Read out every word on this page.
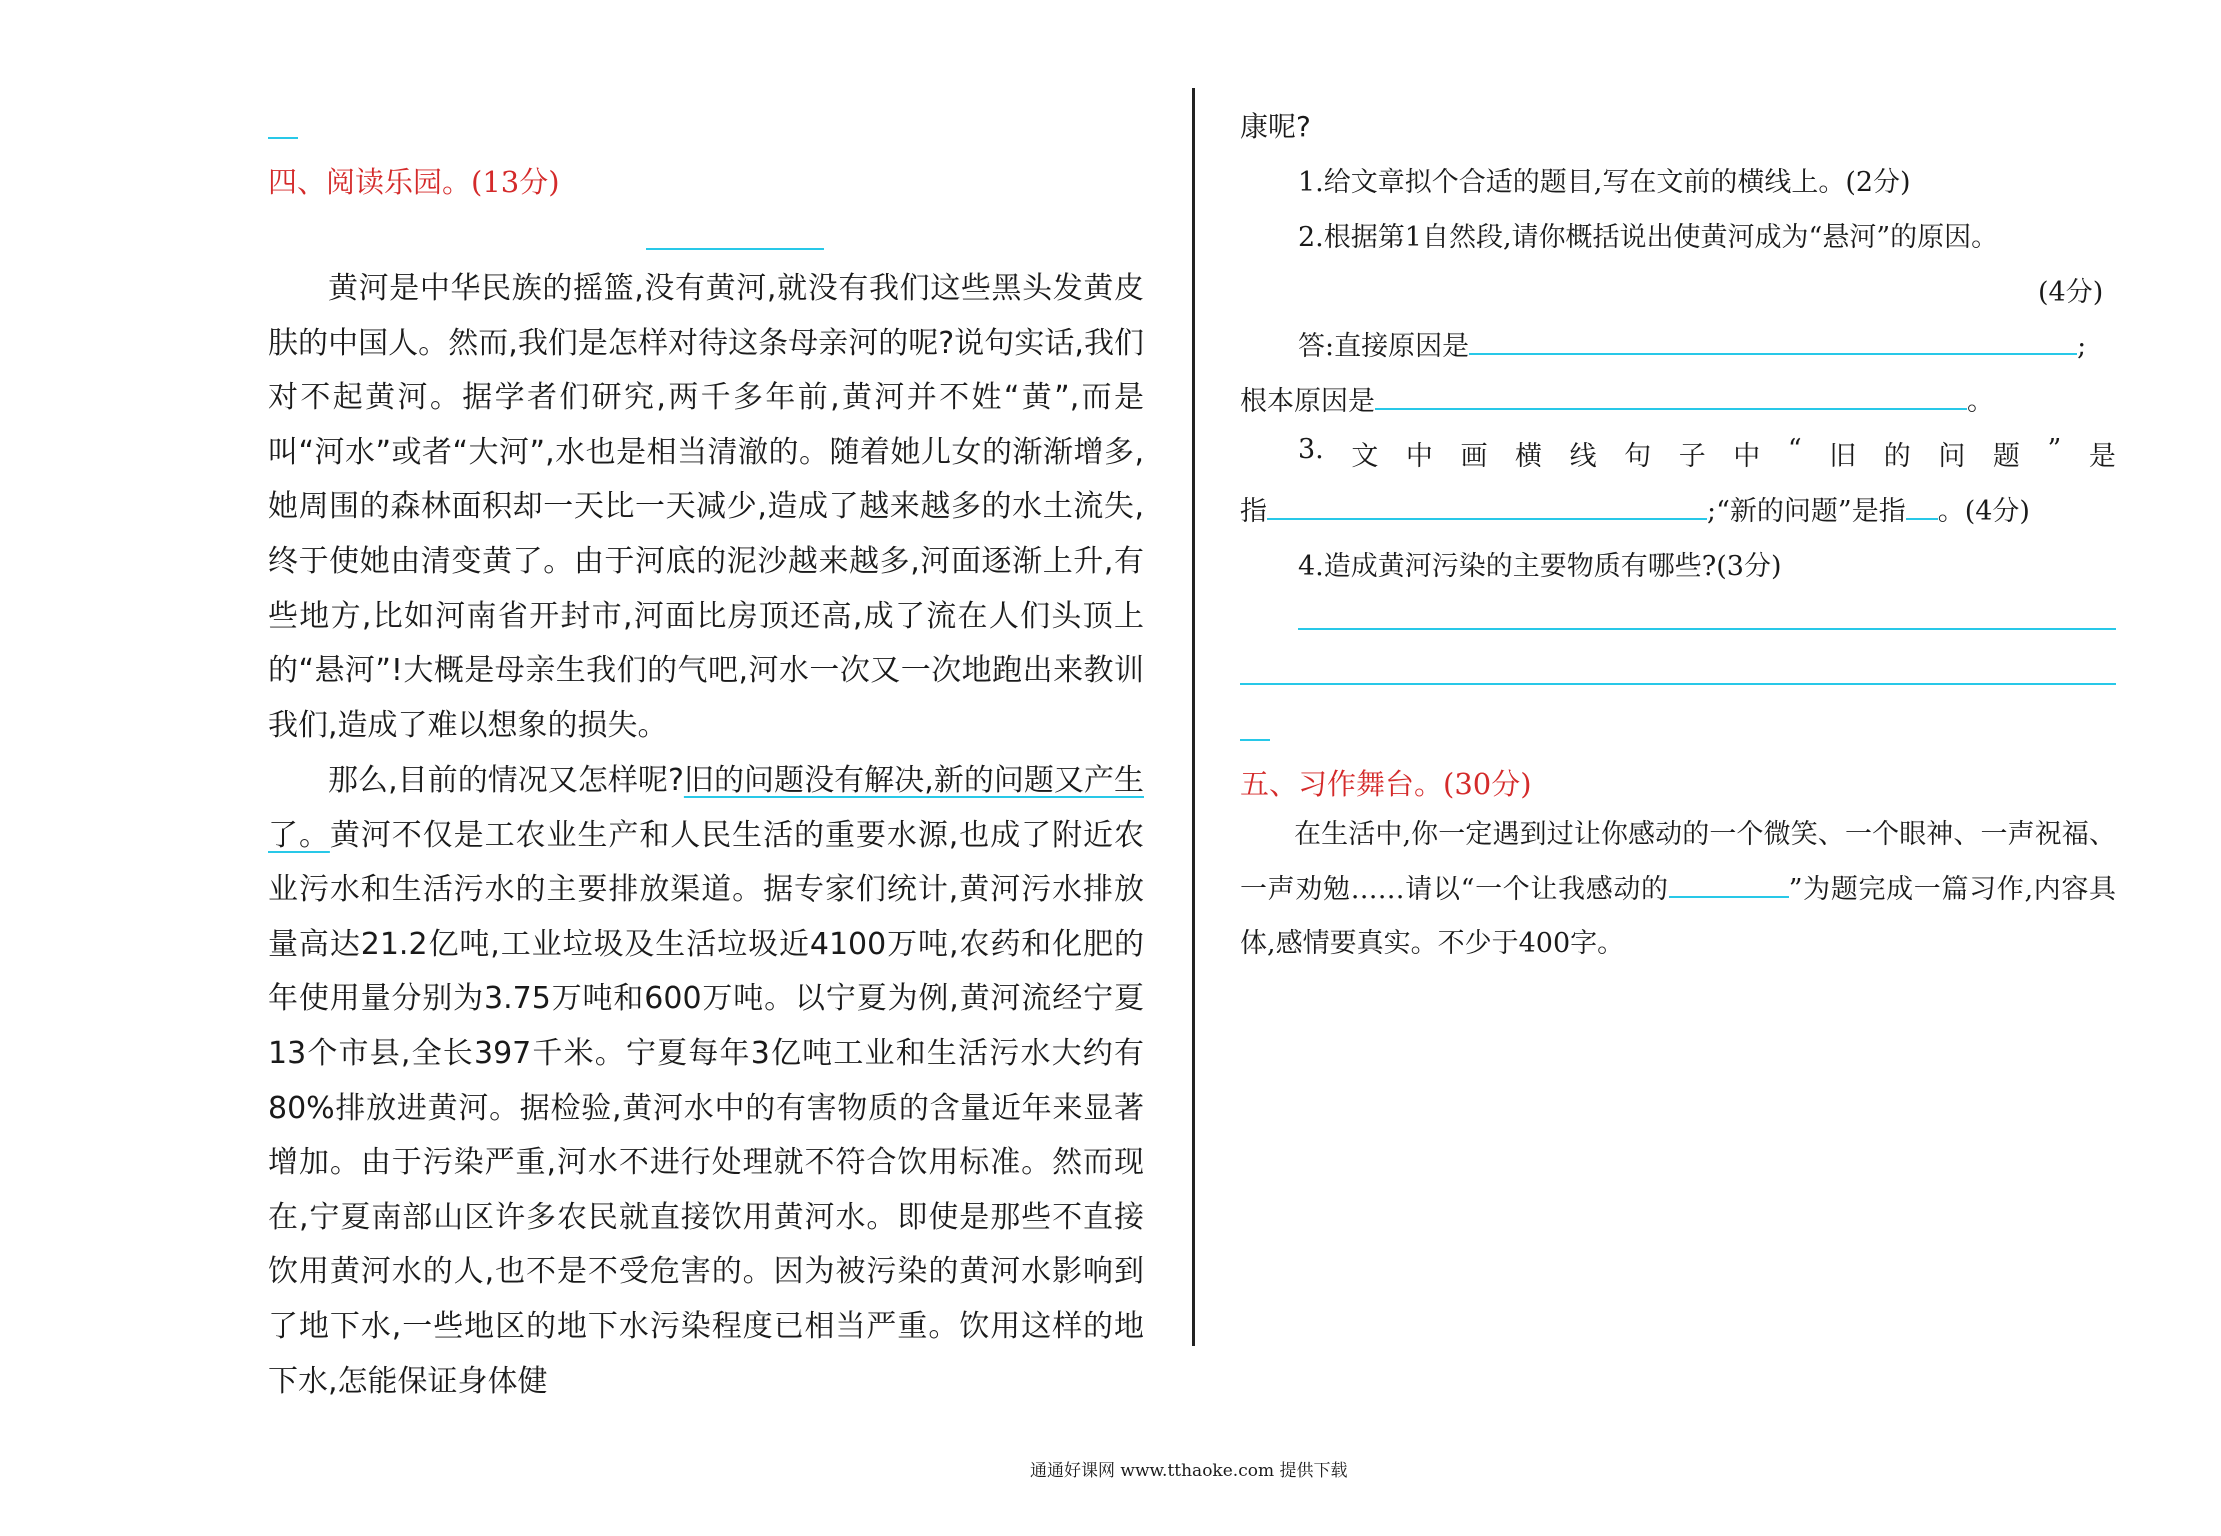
四、阅读乐园。(13分)

黄河是中华民族的摇篮,没有黄河,就没有我们这些黑头发黄皮肤的中国人。然而,我们是怎样对待这条母亲河的呢?说句实话,我们对不起黄河。据学者们研究,两千多年前,黄河并不姓“黄”,而是叫“河水”或者“大河”,水也是相当清澈的。随着她儿女的渐渐增多,她周围的森林面积却一天比一天减少,造成了越来越多的水土流失,终于使她由清变黄了。由于河底的泥沙越来越多,河面逐渐上升,有些地方,比如河南省开封市,河面比房顶还高,成了流在人们头顶上的“悬河”!大概是母亲生我们的气吧,河水一次又一次地跑出来教训我们,造成了难以想象的损失。

那么,目前的情况又怎样呢?旧的问题没有解决,新的问题又产生了。黄河不仅是工农业生产和人民生活的重要水源,也成了附近农业污水和生活污水的主要排放渠道。据专家们统计,黄河污水排放量高达21.2亿吨,工业垃圾及生活垃圾近4100万吨,农药和化肥的年使用量分别为3.75万吨和600万吨。以宁夏为例,黄河流经宁夏13个市县,全长397千米。宁夏每年3亿吨工业和生活污水大约有80%排放进黄河。据检验,黄河水中的有害物质的含量近年来显著增加。由于污染严重,河水不进行处理就不符合饮用标准。然而现在,宁夏南部山区许多农民就直接饮用黄河水。即使是那些不直接饮用黄河水的人,也不是不受危害的。因为被污染的黄河水影响到了地下水,一些地区的地下水污染程度已相当严重。饮用这样的地下水,怎能保证身体健

康呢?
1.给文章拟个合适的题目,写在文前的横线上。(2分)
2.根据第1自然段,请你概括说出使黄河成为“悬河”的原因。
(4分)
答:直接原因是	;
根本原因是	。
3. 文 中 画 横 线 句 子 中 “ 旧 的 问 题 ” 是
指	;“新的问题”是指 。(4分)
4.造成黄河污染的主要物质有哪些?(3分)
五、习作舞台。(30分)

在生活中,你一定遇到过让你感动的一个微笑、一个眼神、一声祝福、一声劝勉……请以“一个让我感动的	”为题完成一篇习作,内容具体,感情要真实。不少于400字。

通通好课网 www.tthaoke.com 提供下载
